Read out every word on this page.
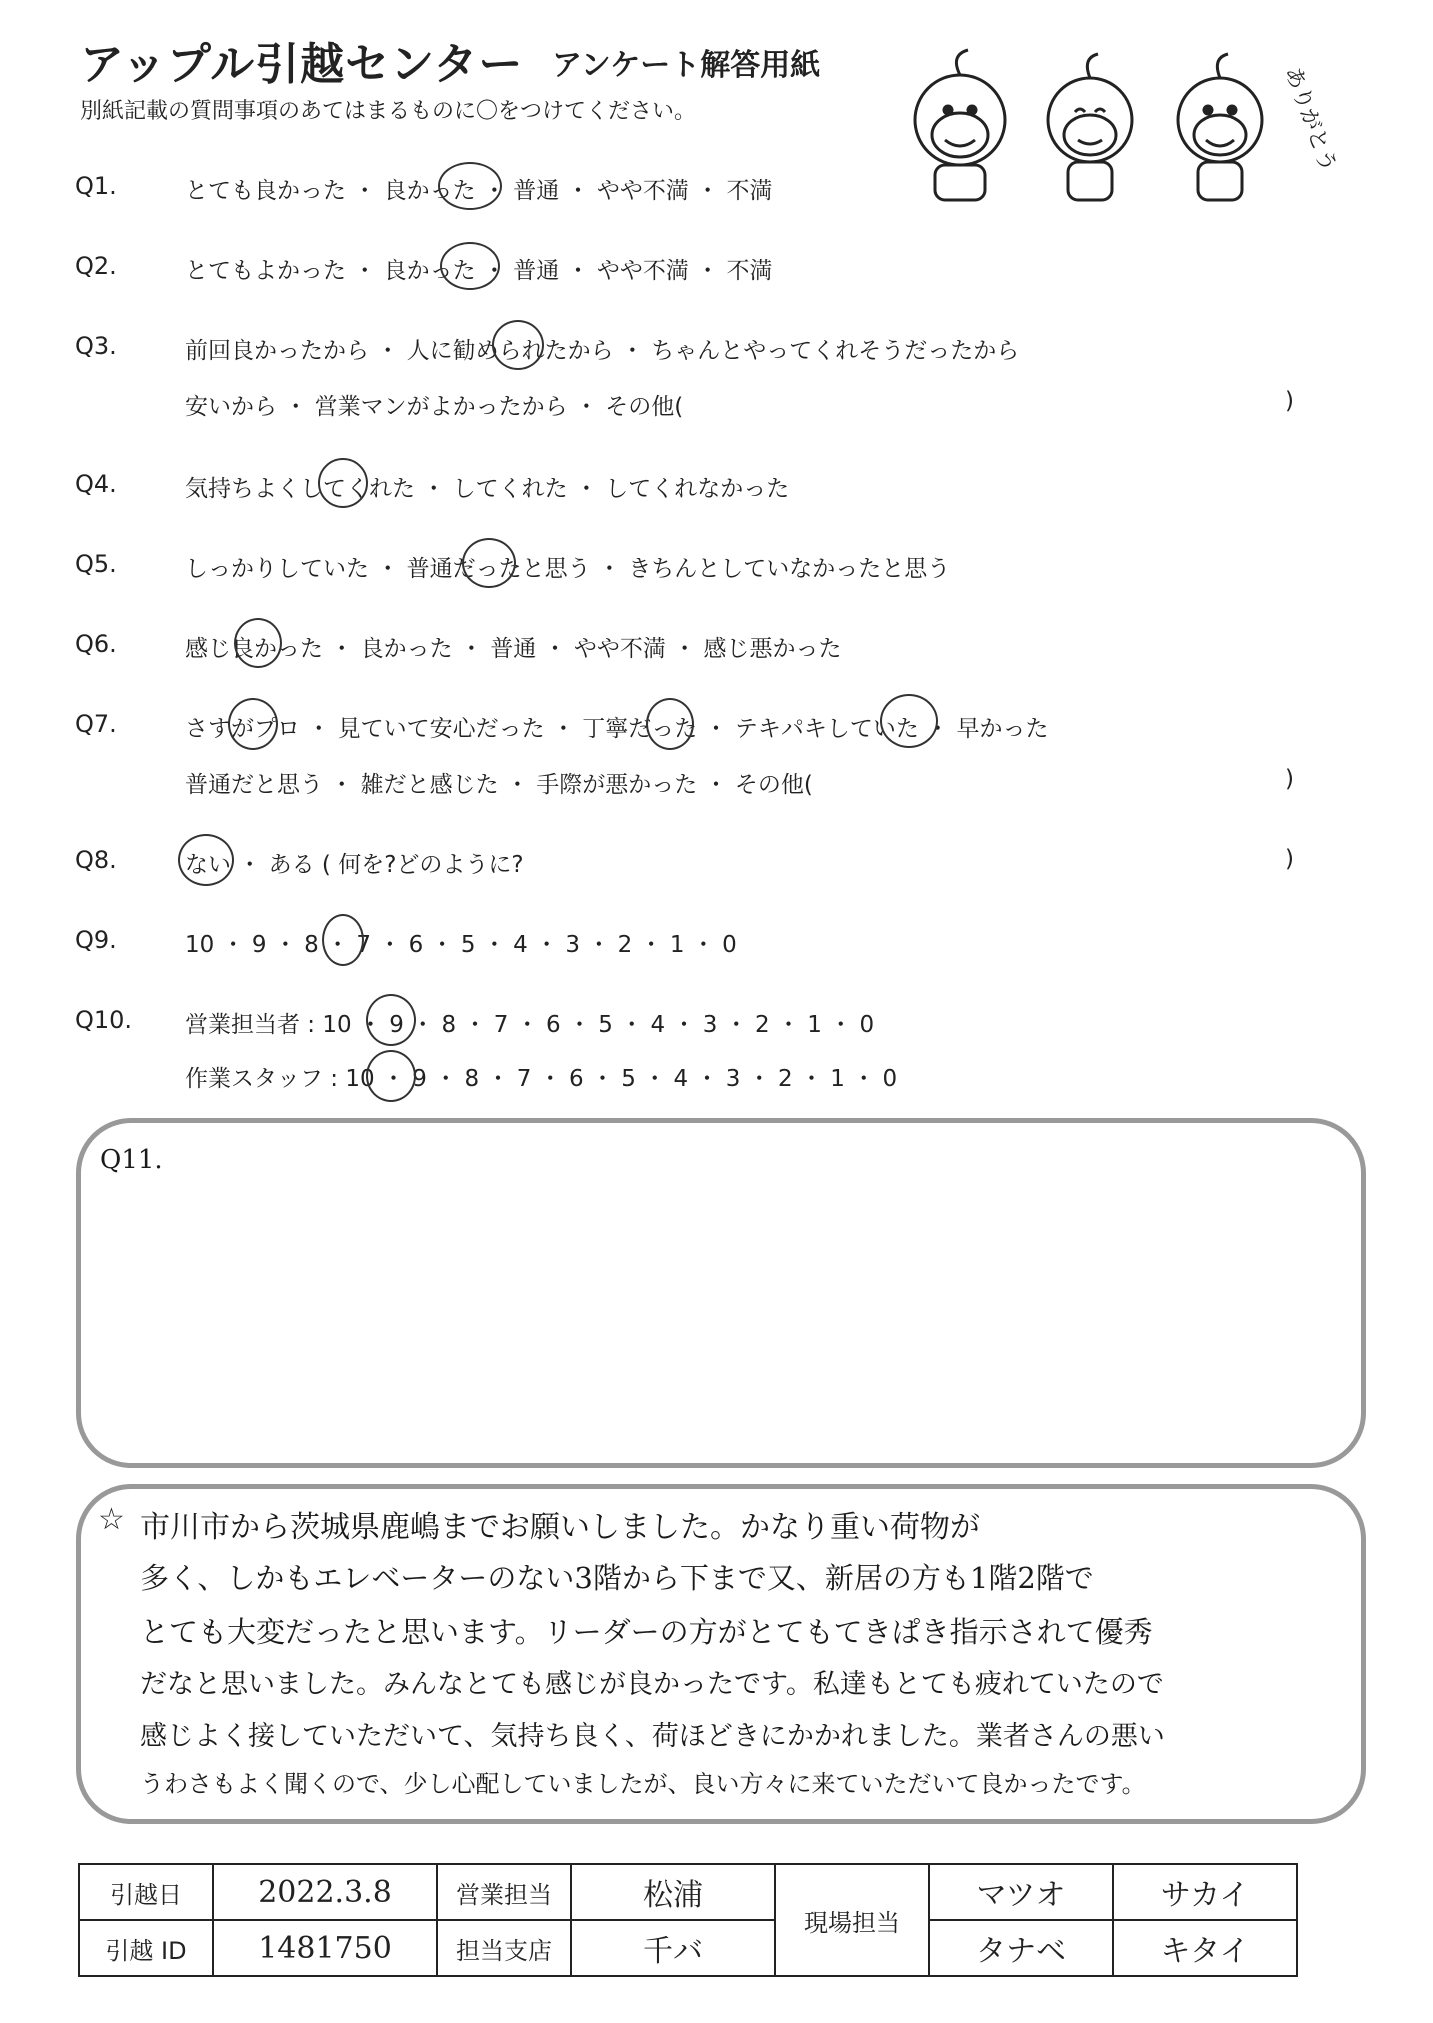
アップル引越センター アンケート解答用紙
別紙記載の質問事項のあてはまるものに〇をつけてください。	ありがとう
Q1.	とても良かった ・ 良かった ・ 普通 ・ やや不満 ・ 不満
Q2.	とてもよかった ・ 良かった ・ 普通 ・ やや不満 ・ 不満
Q3.	前回良かったから ・ 人に勧められたから ・ ちゃんとやってくれそうだったから
安いから ・ 営業マンがよかったから ・ その他(	)
Q4.	気持ちよくしてくれた ・ してくれた ・ してくれなかった
Q5.	しっかりしていた ・ 普通だったと思う ・ きちんとしていなかったと思う
Q6.	感じ良かった ・ 良かった ・ 普通 ・ やや不満 ・ 感じ悪かった
Q7.	さすがプロ ・ 見ていて安心だった ・ 丁寧だった ・ テキパキしていた ・ 早かった
普通だと思う ・ 雑だと感じた ・ 手際が悪かった ・ その他(	)
Q8.	ない ・ ある ( 何を?どのように?	)
Q9.	10 ・ 9 ・ 8 ・ 7 ・ 6 ・ 5 ・ 4 ・ 3 ・ 2 ・ 1 ・ 0
Q10. 営業担当者 : 10 ・ 9 ・ 8 ・ 7 ・ 6 ・ 5 ・ 4 ・ 3 ・ 2 ・ 1 ・ 0
作業スタッフ : 10 ・ 9 ・ 8 ・ 7 ・ 6 ・ 5 ・ 4 ・ 3 ・ 2 ・ 1 ・ 0
Q11.
☆ 市川市から茨城県鹿嶋までお願いしました。かなり重い荷物が
多く、しかもエレベーターのない3階から下まで又、新居の方も1階2階で
とても大変だったと思います。リーダーの方がとてもてきぱき指示されて優秀
だなと思いました。みんなとても感じが良かったです。私達もとても疲れていたので
感じよく接していただいて、気持ち良く、荷ほどきにかかれました。業者さんの悪い
うわさもよく聞くので、少し心配していましたが、良い方々に来ていただいて良かったです。
引越日	2022.3.8	営業担当	松浦	現場担当	マツオ	サカイ
引越 ID	1481750	担当支店	千バ		タナベ	キタイ
